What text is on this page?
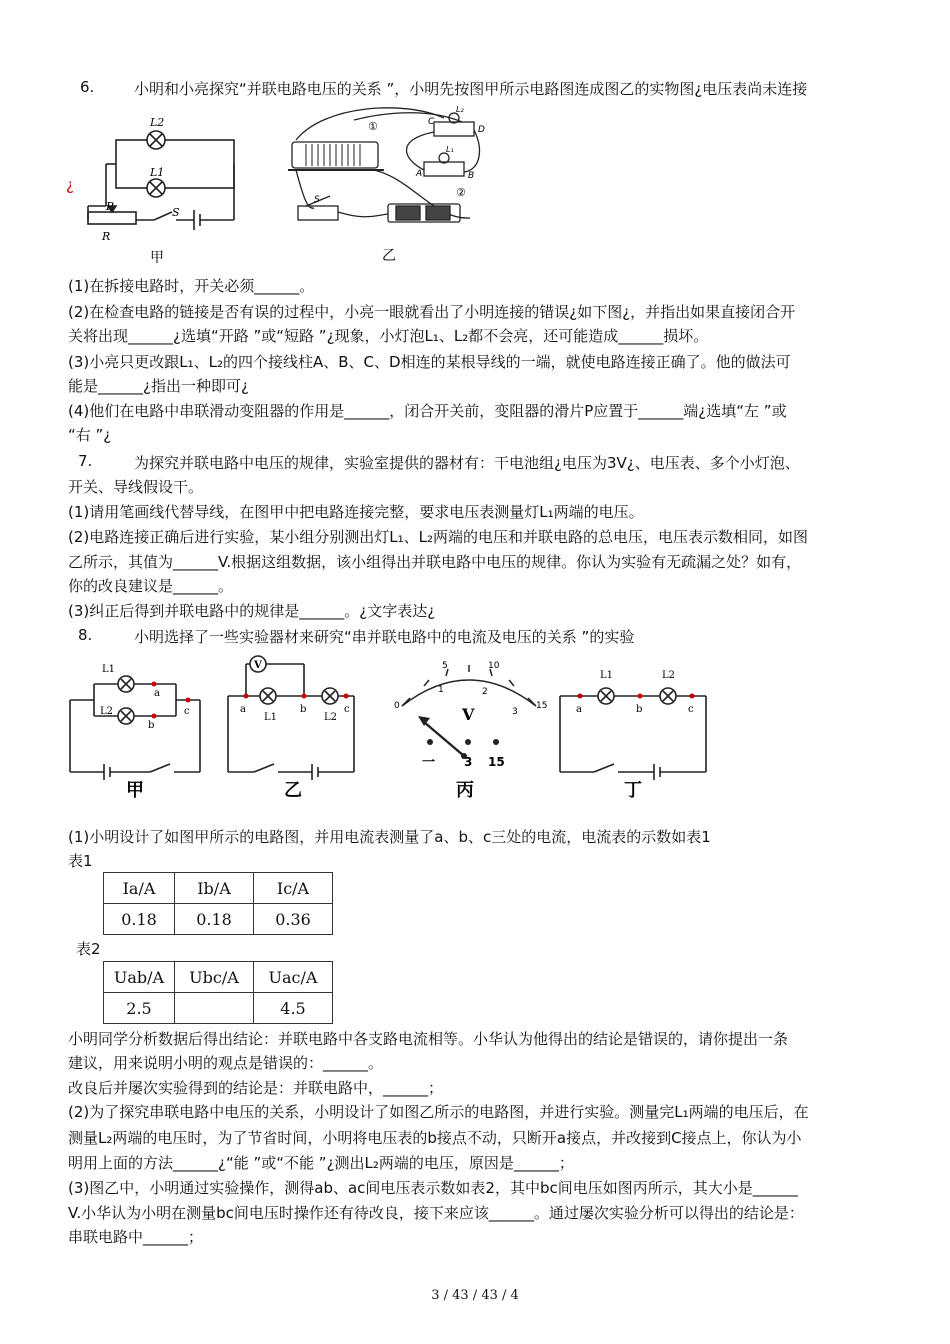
6.	小明和小亮探究“并联电路电压的关系 ”，小明先按图甲所示电路图连成图乙的实物图¿电压表尚未连接
¿
L2
L1
P	S
R
甲
①
②
L₂
L₁
A	B
C
D
S
乙
(1)在拆接电路时，开关必须______。
(2)在检查电路的链接是否有误的过程中，小亮一眼就看出了小明连接的错误¿如下图¿，并指出如果直接闭合开
关将出现______¿选填“开路 ”或“短路 ”¿现象，小灯泡L₁、L₂都不会亮，还可能造成______损坏。
(3)小亮只更改跟L₁、L₂的四个接线柱A、B、C、D相连的某根导线的一端，就使电路连接正确了。他的做法可
能是______¿指出一种即可¿
(4)他们在电路中串联滑动变阻器的作用是______，闭合开关前，变阻器的滑片P应置于______端¿选填“左 ”或
“右 ”¿
7.	为探究并联电路中电压的规律，实验室提供的器材有：干电池组¿电压为3V¿、电压表、多个小灯泡、
开关、导线假设干。
(1)请用笔画线代替导线，在图甲中把电路连接完整，要求电压表测量灯L₁两端的电压。
(2)电路连接正确后进行实验，某小组分别测出灯L₁、L₂两端的电压和并联电路的总电压，电压表示数相同，如图
乙所示，其值为______V.根据这组数据，该小组得出并联电路中电压的规律。你认为实验有无疏漏之处？如有，
你的改良建议是______。
(3)纠正后得到并联电路中的规律是______。¿文字表达¿
8.	小明选择了一些实验器材来研究“串并联电路中的电流及电压的关系 ”的实验
L1
L2
a
b
c
甲
V
a	b	c
L1	L2
乙
0
5	10
15
1	2
3
V
一 3 15
丙
L1	L2
a	b	c
丁
(1)小明设计了如图甲所示的电路图，并用电流表测量了a、b、c三处的电流，电流表的示数如表1
表1
Ia/A	Ib/A	Ic/A
0.18	0.18	0.36
表2
Uab/A	Ubc/A	Uac/A
2.5		4.5
小明同学分析数据后得出结论：并联电路中各支路电流相等。小华认为他得出的结论是错误的，请你提出一条
建议，用来说明小明的观点是错误的：______。
改良后并屡次实验得到的结论是：并联电路中，______；
(2)为了探究串联电路中电压的关系，小明设计了如图乙所示的电路图，并进行实验。测量完L₁两端的电压后，在
测量L₂两端的电压时，为了节省时间，小明将电压表的b接点不动，只断开a接点，并改接到C接点上，你认为小
明用上面的方法______¿“能 ”或“不能 ”¿测出L₂两端的电压，原因是______；
(3)图乙中，小明通过实验操作，测得ab、ac间电压表示数如表2，其中bc间电压如图丙所示，其大小是______
V.小华认为小明在测量bc间电压时操作还有待改良，接下来应该______。通过屡次实验分析可以得出的结论是：
串联电路中______；
3 / 43 / 43 / 4
